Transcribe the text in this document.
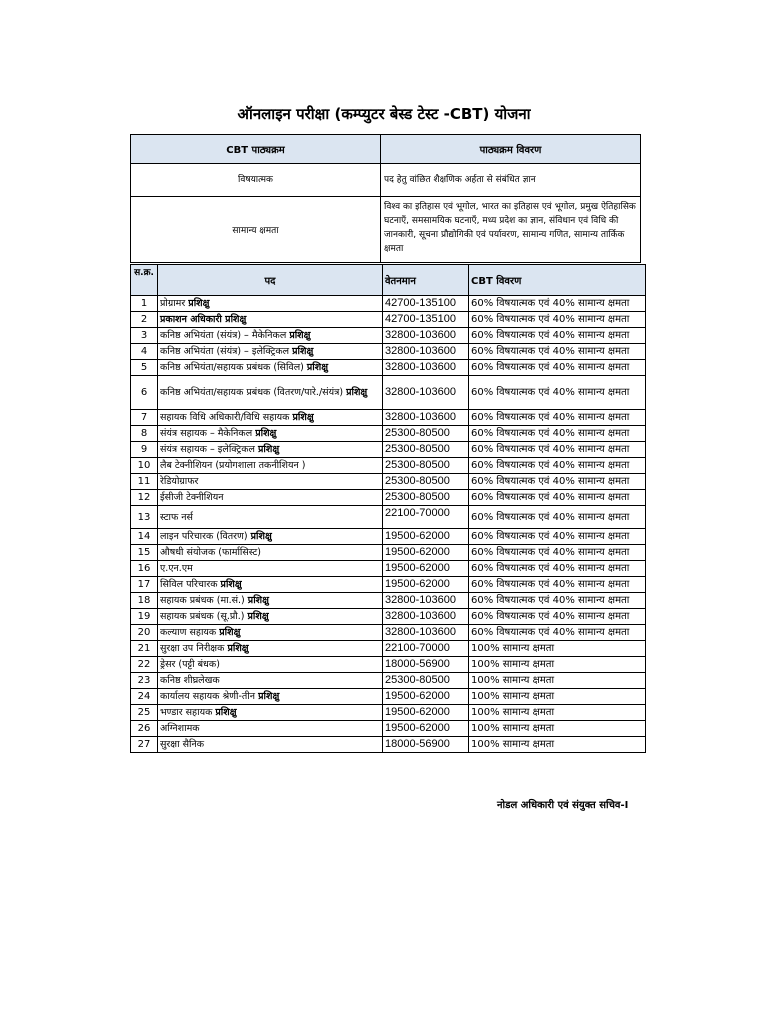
ऑनलाइन परीक्षा (कम्प्युटर बेस्ड टेस्ट -CBT) योजना
CBT पाठ्यक्रम	पाठ्यक्रम विवरण
विषयात्मक	पद हेतु वांछित शैक्षणिक अर्हता से संबंधित ज्ञान
सामान्य क्षमता	विश्व का इतिहास एवं भूगोल, भारत का इतिहास एवं भूगोल, प्रमुख ऐतिहासिक घटनाएँ, समसामयिक घटनाएँ, मध्य प्रदेश का ज्ञान, संविधान एवं विधि की जानकारी, सूचना प्रौद्योगिकी एवं पर्यावरण, सामान्य गणित, सामान्य तार्किक क्षमता
स.क्र.	पद	वेतनमान	CBT विवरण
1	प्रोग्रामर प्रशिक्षु	42700-135100	60% विषयात्मक एवं 40% सामान्य क्षमता
2	प्रकाशन अधिकारी प्रशिक्षु	42700-135100	60% विषयात्मक एवं 40% सामान्य क्षमता
3	कनिष्ठ अभियंता (संयंत्र) – मैकेनिकल प्रशिक्षु	32800-103600	60% विषयात्मक एवं 40% सामान्य क्षमता
4	कनिष्ठ अभियंता (संयंत्र) – इलेक्ट्रिकल प्रशिक्षु	32800-103600	60% विषयात्मक एवं 40% सामान्य क्षमता
5	कनिष्ठ अभियंता/सहायक प्रबंधक (सिविल) प्रशिक्षु	32800-103600	60% विषयात्मक एवं 40% सामान्य क्षमता
6	कनिष्ठ अभियंता/सहायक प्रबंधक (वितरण/पारे./संयंत्र) प्रशिक्षु	32800-103600	60% विषयात्मक एवं 40% सामान्य क्षमता
7	सहायक विधि अधिकारी/विधि सहायक प्रशिक्षु	32800-103600	60% विषयात्मक एवं 40% सामान्य क्षमता
8	संयंत्र सहायक – मैकेनिकल प्रशिक्षु	25300-80500	60% विषयात्मक एवं 40% सामान्य क्षमता
9	संयंत्र सहायक – इलेक्ट्रिकल प्रशिक्षु	25300-80500	60% विषयात्मक एवं 40% सामान्य क्षमता
10	लैब टेक्नीशियन (प्रयोगशाला तकनीशियन )	25300-80500	60% विषयात्मक एवं 40% सामान्य क्षमता
11	रेडियोग्राफर	25300-80500	60% विषयात्मक एवं 40% सामान्य क्षमता
12	ईसीजी टेक्नीशियन	25300-80500	60% विषयात्मक एवं 40% सामान्य क्षमता
13	स्टाफ नर्स	22100-70000	60% विषयात्मक एवं 40% सामान्य क्षमता
14	लाइन परिचारक (वितरण) प्रशिक्षु	19500-62000	60% विषयात्मक एवं 40% सामान्य क्षमता
15	औषधी संयोजक (फार्मासिस्ट)	19500-62000	60% विषयात्मक एवं 40% सामान्य क्षमता
16	ए.एन.एम	19500-62000	60% विषयात्मक एवं 40% सामान्य क्षमता
17	सिविल परिचारक प्रशिक्षु	19500-62000	60% विषयात्मक एवं 40% सामान्य क्षमता
18	सहायक प्रबंधक (मा.सं.) प्रशिक्षु	32800-103600	60% विषयात्मक एवं 40% सामान्य क्षमता
19	सहायक प्रबंधक (सू.प्रौ.) प्रशिक्षु	32800-103600	60% विषयात्मक एवं 40% सामान्य क्षमता
20	कल्याण सहायक प्रशिक्षु	32800-103600	60% विषयात्मक एवं 40% सामान्य क्षमता
21	सुरक्षा उप निरीक्षक प्रशिक्षु	22100-70000	100% सामान्य क्षमता
22	ड्रेसर (पट्टी बंधक)	18000-56900	100% सामान्य क्षमता
23	कनिष्ठ शीघ्रलेखक	25300-80500	100% सामान्य क्षमता
24	कार्यालय सहायक श्रेणी-तीन प्रशिक्षु	19500-62000	100% सामान्य क्षमता
25	भण्डार सहायक प्रशिक्षु	19500-62000	100% सामान्य क्षमता
26	अग्निशामक	19500-62000	100% सामान्य क्षमता
27	सुरक्षा सैनिक	18000-56900	100% सामान्य क्षमता
नोडल अधिकारी एवं संयुक्त सचिव-I
